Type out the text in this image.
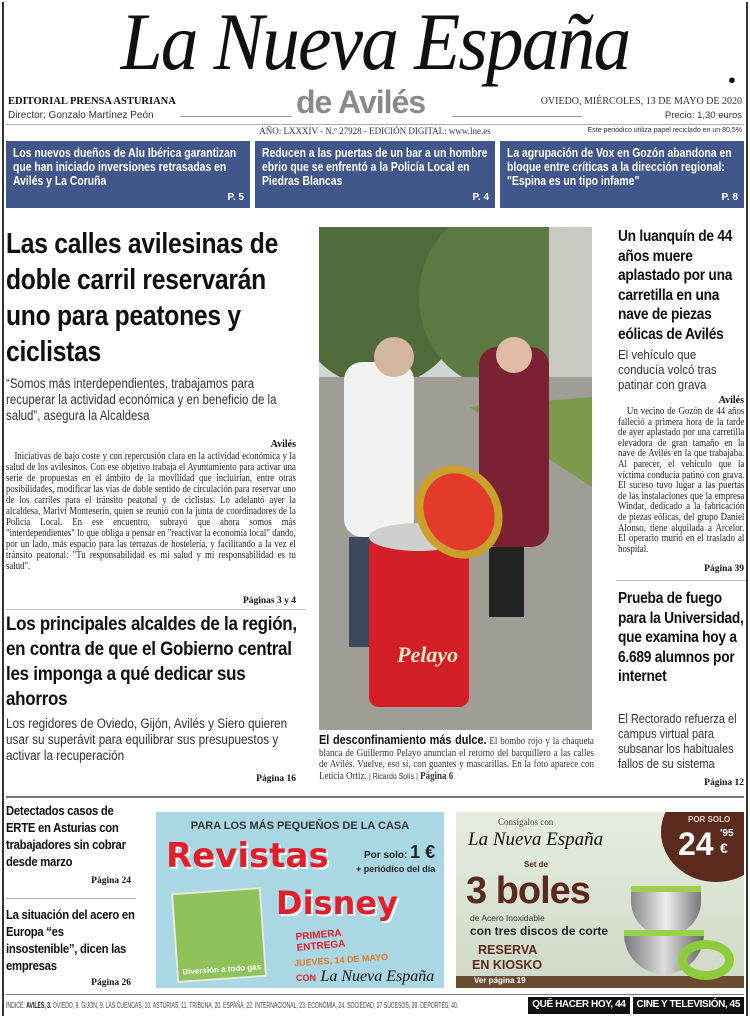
La Nueva España	●
EDITORIAL PRENSA ASTURIANA
Director: Gonzalo Martínez Peón	de Avilés	OVIEDO, MIÉRCOLES, 13 DE MAYO DE 2020
Precio: 1,30 euros
AÑO: LXXXIV - N.º 27928 - EDICIÓN DIGITAL: www.lne.es	Este periódico utiliza papel reciclado en un 80,5%
Los nuevos dueños de Alu Ibérica garantizan que han iniciado inversiones retrasadas en Avilés y La Coruña
P. 5
Reducen a las puertas de un bar a un hombre ebrio que se enfrentó a la Policía Local en Piedras Blancas
P. 4
La agrupación de Vox en Gozón abandona en bloque entre críticas a la dirección regional: "Espina es un tipo infame"
P. 8
Las calles avilesinas de doble carril reservarán uno para peatones y ciclistas
“Somos más interdependientes, trabajamos para recuperar la actividad económica y en beneficio de la salud”, asegura la Alcaldesa
Avilés
Iniciativas de bajo coste y con repercusión clara en la actividad económica y la salud de los avilesinos. Con ese objetivo trabaja el Ayuntamiento para activar una serie de propuestas en el ámbito de la movilidad que incluirían, entre otras posibilidades, modificar las vías de doble sentido de circulación para reservar uno de los carriles para el tránsito peatonal y de ciclistas. Lo adelantó ayer la alcaldesa, Mariví Monteserín, quien se reunió con la junta de coordinadores de la Policía Local. En ese encuentro, subrayó que ahora somos más "interdependientes" lo que obliga a pensar en "reactivar la economía local" dando, por un lado, más espacio para las terrazas de hostelería, y facilitando a la vez el tránsito peatonal: "Tu responsabilidad es mi salud y mi responsabilidad es tu salud".
Páginas 3 y 4
Los principales alcaldes de la región, en contra de que el Gobierno central les imponga a qué dedicar sus ahorros
Los regidores de Oviedo, Gijón, Avilés y Siero quieren usar su superávit para equilibrar sus presupuestos y activar la recuperación
Página 16
Pelayo
El desconfinamiento más dulce. El bombo rojo y la chaqueta blanca de Guillermo Pelayo anuncian el retorno del barquillero a las calles de Avilés. Vuelve, eso sí, con guantes y mascarillas. En la foto aparece con Leticia Ortiz. | Ricardo Solís | Página 6
Un luanquín de 44 años muere aplastado por una carretilla en una nave de piezas eólicas de Avilés
El vehículo que conducía volcó tras patinar con grava
Avilés
Un vecino de Gozón de 44 años falleció a primera hora de la tarde de ayer aplastado por una carretilla elevadora de gran tamaño en la nave de Avilés en la que trabajaba. Al parecer, el vehículo que la víctima conducía patinó con grava. El suceso tuvo lugar a las puertas de las instalaciones que la empresa Windar, dedicado a la fabricación de piezas eólicas, del grupo Daniel Alonso, tiene alquilada a Arcelor. El operario murió en el traslado al hospital.
Página 39
Prueba de fuego para la Universidad, que examina hoy a 6.689 alumnos por internet
El Rectorado refuerza el campus virtual para subsanar los habituales fallos de su sistema
Página 12
Detectados casos de ERTE en Asturias con trabajadores sin cobrar desde marzo
Página 24
La situación del acero en Europa “es insostenible”, dicen las empresas
Página 26
PARA LOS MÁS PEQUEÑOS DE LA CASA
Revistas
Disney
Por solo: 1 €
+ periódico del día
Diversión a todo gas
PRIMERA ENTREGA
JUEVES, 14 DE MAYO
CON La Nueva España
Consígalos con
La Nueva España
POR SOLO
24 '95
€
Set de
3 boles
de Acero Inoxidable
con tres discos de corte
RESERVA
EN KIOSKO
Ver página 19
ÍNDICE: AVILÉS, 3. OVIEDO, 9. GIJÓN, 9. LAS CUENCAS, 10. ASTURIAS, 11. TRIBUNA, 20. ESPAÑA, 22. INTERNACIONAL, 23. ECONOMÍA, 24. SOCIEDAD, 27 SUCESOS, 39. DEPORTES, 40.	QUÉ HACER HOY, 44	CINE Y TELEVISIÓN, 45
